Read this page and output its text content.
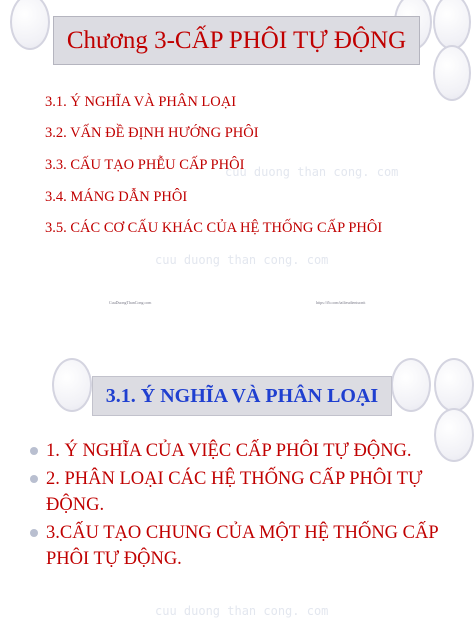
Chương 3-CẤP PHÔI TỰ ĐỘNG
3.1. Ý NGHĨA VÀ PHÂN LOẠI
3.2. VẤN ĐỀ ĐỊNH HƯỚNG PHÔI
3.3. CẤU TẠO PHỄU CẤP PHÔI
3.4. MÁNG DẪN PHÔI
3.5. CÁC CƠ CẤU KHÁC CỦA HỆ THỐNG CẤP PHÔI
cuu duong than cong. com
cuu duong than cong. com
CuuDuongThanCong.com	https://fb.com/tailieudientucntt
3.1. Ý NGHĨA VÀ PHÂN LOẠI
1. Ý NGHĨA CỦA VIỆC CẤP PHÔI TỰ ĐỘNG.
2. PHÂN LOẠI CÁC HỆ THỐNG CẤP PHÔI TỰ ĐỘNG.
3.CẤU TẠO CHUNG CỦA MỘT HỆ THỐNG CẤP PHÔI TỰ ĐỘNG.
cuu duong than cong. com
